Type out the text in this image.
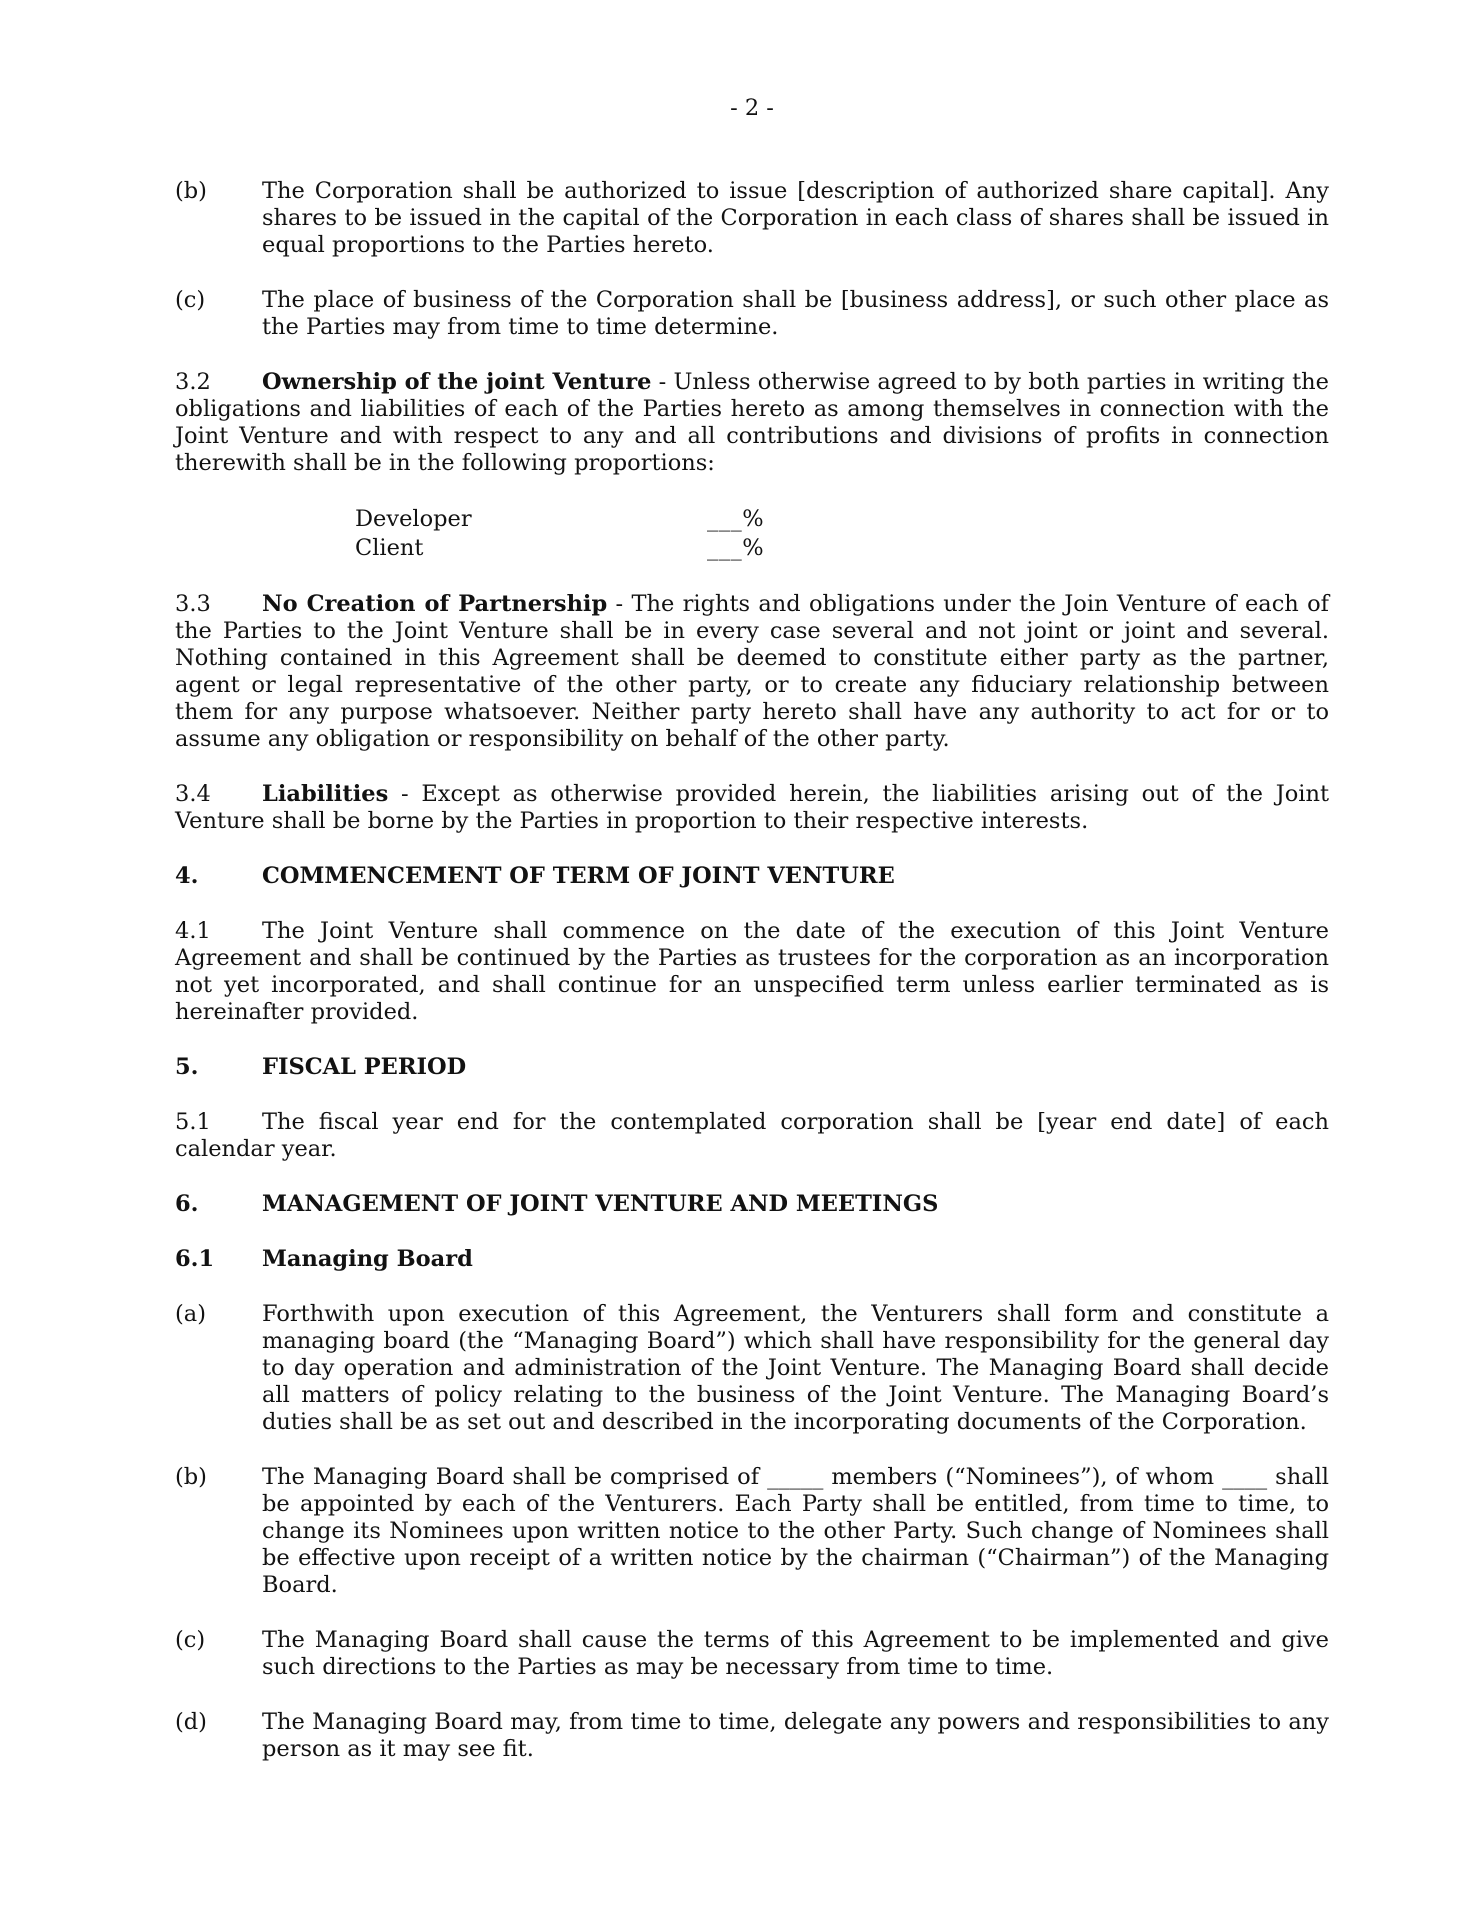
- 2 -

(b) The Corporation shall be authorized to issue [description of authorized share capital]. Any shares to be issued in the capital of the Corporation in each class of shares shall be issued in equal proportions to the Parties hereto.

(c)	The place of business of the Corporation shall be [business address], or such other place as the Parties may from time to time determine.

3.2 Ownership of the joint Venture - Unless otherwise agreed to by both parties in writing the obligations and liabilities of each of the Parties hereto as among themselves in connection with the Joint Venture and with respect to any and all contributions and divisions of profits in connection therewith shall be in the following proportions:

Developer	___%
Client	___%

3.3 No Creation of Partnership - The rights and obligations under the Join Venture of each of the Parties to the Joint Venture shall be in every case several and not joint or joint and several. Nothing contained in this Agreement shall be deemed to constitute either party as the partner, agent or legal representative of the other party, or to create any fiduciary relationship between them for any purpose whatsoever. Neither party hereto shall have any authority to act for or to assume any obligation or responsibility on behalf of the other party.

3.4 Liabilities - Except as otherwise provided herein, the liabilities arising out of the Joint Venture shall be borne by the Parties in proportion to their respective interests.

4.	COMMENCEMENT OF TERM OF JOINT VENTURE

4.1 The Joint Venture shall commence on the date of the execution of this Joint Venture Agreement and shall be continued by the Parties as trustees for the corporation as an incorporation not yet incorporated, and shall continue for an unspecified term unless earlier terminated as is hereinafter provided.

5.	FISCAL PERIOD

5.1 The fiscal year end for the contemplated corporation shall be [year end date] of each calendar year.

6.	MANAGEMENT OF JOINT VENTURE AND MEETINGS

6.1 Managing Board

(a) Forthwith upon execution of this Agreement, the Venturers shall form and constitute a managing board (the “Managing Board”) which shall have responsibility for the general day to day operation and administration of the Joint Venture. The Managing Board shall decide all matters of policy relating to the business of the Joint Venture. The Managing Board’s duties shall be as set out and described in the incorporating documents of the Corporation.

(b) The Managing Board shall be comprised of _____ members (“Nominees”), of whom ____ shall be appointed by each of the Venturers. Each Party shall be entitled, from time to time, to change its Nominees upon written notice to the other Party. Such change of Nominees shall be effective upon receipt of a written notice by the chairman (“Chairman”) of the Managing Board.

(c)	The Managing Board shall cause the terms of this Agreement to be implemented and give such directions to the Parties as may be necessary from time to time.

(d) The Managing Board may, from time to time, delegate any powers and responsibilities to any person as it may see fit.
